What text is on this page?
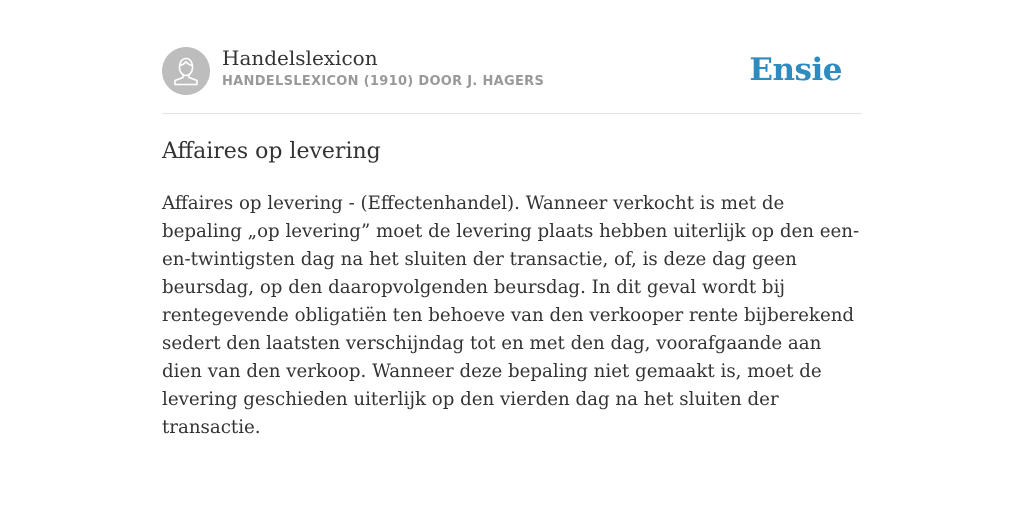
Handelslexicon
HANDELSLEXICON (1910) DOOR J. HAGERS	Ensie
Affaires op levering

Affaires op levering - (Effectenhandel). Wanneer verkocht is met de bepaling „op levering” moet de levering plaats hebben uiterlijk op den een-en-twintigsten dag na het sluiten der transactie, of, is deze dag geen beursdag, op den daaropvolgenden beursdag. In dit geval wordt bij rentegevende obligatiën ten behoeve van den verkooper rente bijberekend sedert den laatsten verschijndag tot en met den dag, voorafgaande aan dien van den verkoop. Wanneer deze bepaling niet gemaakt is, moet de levering geschieden uiterlijk op den vierden dag na het sluiten der transactie.
